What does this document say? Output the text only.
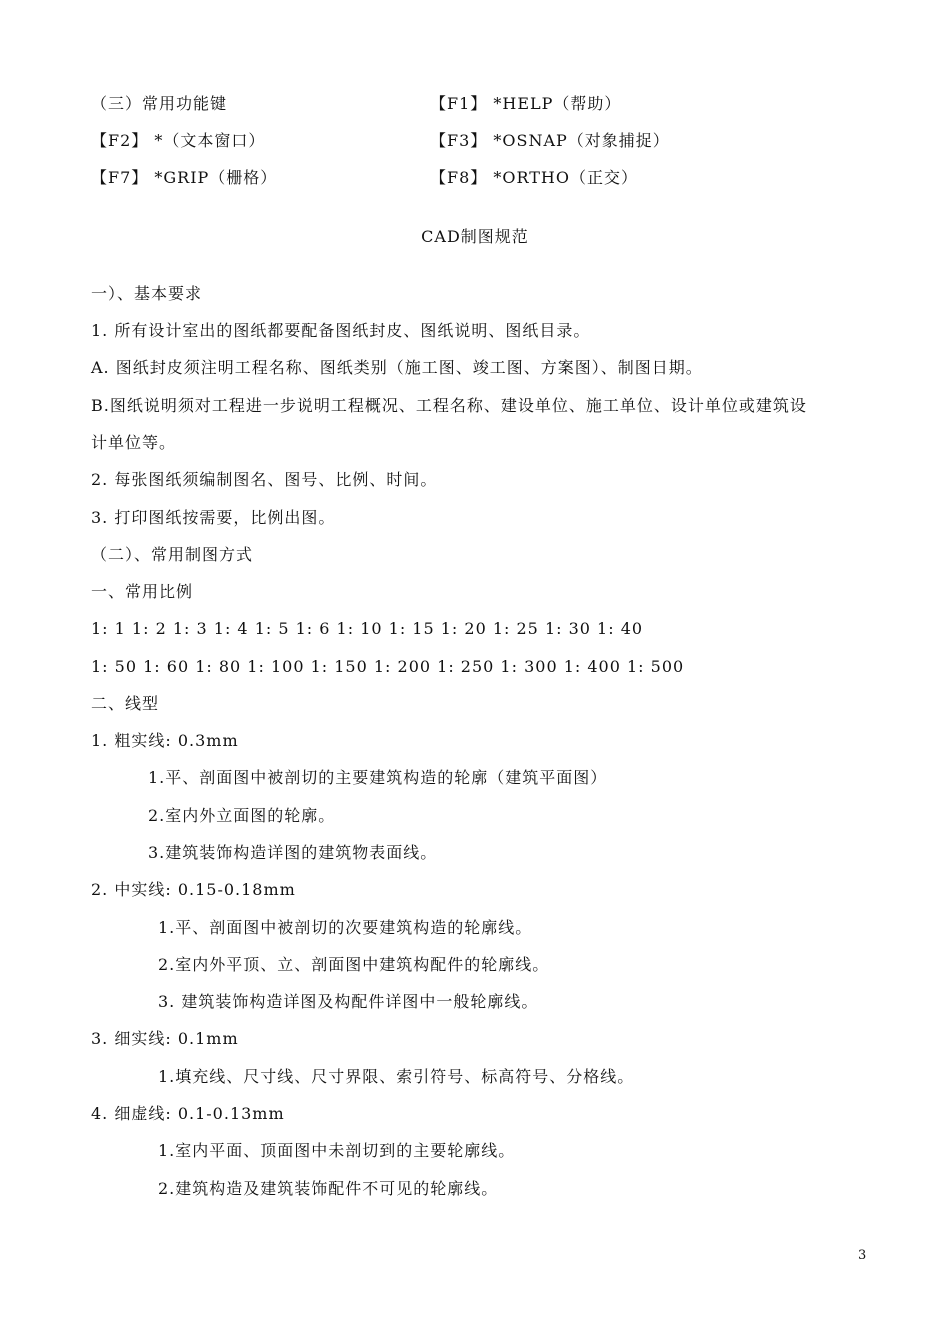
（三）常用功能键	【F1】 *HELP（帮助）
【F2】 *（文本窗口）	【F3】 *OSNAP（对象捕捉）
【F7】 *GRIP（栅格）	【F8】 *ORTHO（正交）
CAD制图规范
一）、基本要求
1. 所有设计室出的图纸都要配备图纸封皮、图纸说明、图纸目录。
A. 图纸封皮须注明工程名称、图纸类别（施工图、竣工图、方案图）、制图日期。
B.图纸说明须对工程进一步说明工程概况、工程名称、建设单位、施工单位、设计单位或建筑设
计单位等。
2. 每张图纸须编制图名、图号、比例、时间。
3. 打印图纸按需要，比例出图。
（二）、常用制图方式
一、常用比例
1: 1 1: 2 1: 3 1: 4 1: 5 1: 6 1: 10 1: 15 1: 20 1: 25 1: 30 1: 40
1: 50 1: 60 1: 80 1: 100 1: 150 1: 200 1: 250 1: 300 1: 400 1: 500
二、线型
1. 粗实线: 0.3mm
1.平、剖面图中被剖切的主要建筑构造的轮廓（建筑平面图）
2.室内外立面图的轮廓。
3.建筑装饰构造详图的建筑物表面线。
2. 中实线: 0.15-0.18mm
1.平、剖面图中被剖切的次要建筑构造的轮廓线。
2.室内外平顶、立、剖面图中建筑构配件的轮廓线。
3. 建筑装饰构造详图及构配件详图中一般轮廓线。
3. 细实线: 0.1mm
1.填充线、尺寸线、尺寸界限、索引符号、标高符号、分格线。
4. 细虚线: 0.1-0.13mm
1.室内平面、顶面图中未剖切到的主要轮廓线。
2.建筑构造及建筑装饰配件不可见的轮廓线。
3
